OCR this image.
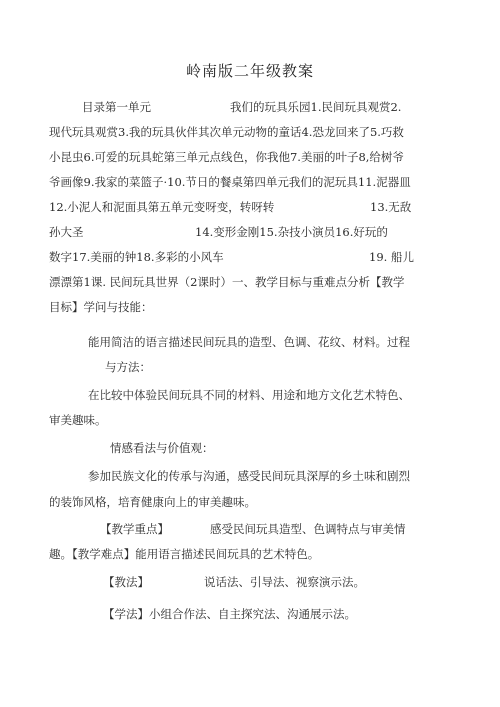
岭南版二年级教案
目录第一单元	我们的玩具乐园1.民间玩具观赏2.
现代玩具观赏3.我的玩具伙伴其次单元动物的童话4.恐龙回来了5.巧救
小昆虫6.可爱的玩具蛇第三单元点线色，你我他7.美丽的叶子8,给树爷
爷画像9.我家的菜篮子·10.节日的餐桌第四单元我们的泥玩具11.泥器皿
12.小泥人和泥面具第五单元变呀变，转呀转	13.无敌
孙大圣	14.变形金刚15.杂技小演员16.好玩的
数字17.美丽的钟18.多彩的小风车	19. 船儿
漂漂第1课. 民间玩具世界（2课时）一、教学目标与重难点分析【教学
目标】学问与技能：
能用简洁的语言描述民间玩具的造型、色调、花纹、材料。过程
与方法：
在比较中体验民间玩具不同的材料、用途和地方文化艺术特色、
审美趣味。
情感看法与价值观：
参加民族文化的传承与沟通，感受民间玩具深厚的乡土味和剧烈
的装饰风格，培育健康向上的审美趣味。
【教学重点】	感受民间玩具造型、色调特点与审美情
趣。【教学难点】能用语言描述民间玩具的艺术特色。
【教法】	说话法、引导法、视察演示法。
【学法】小组合作法、自主探究法、沟通展示法。
